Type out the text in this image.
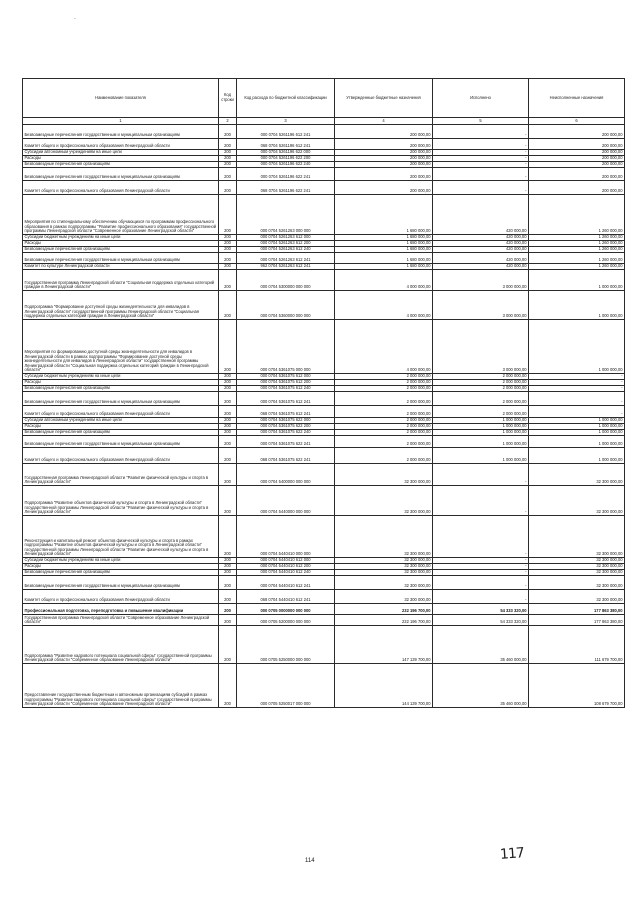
-
Наименование показателя	Код строки	Код расхода по бюджетной классификации	Утвержденные бюджетные назначения	Исполнено	Неисполненные назначения
1	2	3	4	5	6
Безвозмездные перечисления государственным и муниципальным организациям	200	000 0704 5261196 612 241	200 000,00	-	200 000,00
Комитет общего и профессионального образования Ленинградской области	200	068 0704 5261196 612 241	200 000,00	-	200 000,00
Субсидии автономным учреждениям на иные цели	200	000 0704 5261196 622 000	200 000,00	-	200 000,00
Расходы	200	000 0704 5261196 622 200	200 000,00	-	200 000,00
Безвозмездные перечисления организациям	200	000 0704 5261196 622 240	200 000,00	-	200 000,00
Безвозмездные перечисления государственным и муниципальным организациям	200	000 0704 5261196 622 241	200 000,00	-	200 000,00
Комитет общего и профессионального образования Ленинградской области	200	068 0704 5261196 622 241	200 000,00	-	200 000,00
Мероприятия по стипендиальному обеспечению обучающихся по программам профессионального образования в рамках подпрограммы "Развитие профессионального образования" государственной программы Ленинградской области "Современное образование Ленинградской области"	200	000 0704 5261263 000 000	1 680 000,00	420 000,00	1 260 000,00
Субсидии бюджетным учреждениям на иные цели	200	000 0704 5261263 612 000	1 680 000,00	420 000,00	1 260 000,00
Расходы	200	000 0704 5261263 612 200	1 680 000,00	420 000,00	1 260 000,00
Безвозмездные перечисления организациям	200	000 0704 5261263 612 240	1 680 000,00	420 000,00	1 260 000,00
Безвозмездные перечисления государственным и муниципальным организациям	200	000 0704 5261263 612 241	1 680 000,00	420 000,00	1 260 000,00
Комитет по культуре Ленинградской области	200	962 0704 5261263 612 241	1 680 000,00	420 000,00	1 260 000,00
Государственная программа Ленинградской области "Социальная поддержка отдельных категорий граждан в Ленинградской области"	200	000 0704 5300000 000 000	4 000 000,00	3 000 000,00	1 000 000,00
Подпрограмма "Формирование доступной среды жизнедеятельности для инвалидов в Ленинградской области" государственной программы Ленинградской области "Социальная поддержка отдельных категорий граждан в Ленинградской области"	200	000 0704 5360000 000 000	4 000 000,00	3 000 000,00	1 000 000,00
Мероприятия по формированию доступной среды жизнедеятельности для инвалидов в Ленинградской области в рамках подпрограммы "Формирование доступной среды жизнедеятельности для инвалидов в Ленинградской области" государственной программы Ленинградской области "Социальная поддержка отдельных категорий граждан в Ленинградской области"	200	000 0704 5361075 000 000	4 000 000,00	3 000 000,00	1 000 000,00
Субсидии бюджетным учреждениям на иные цели	200	000 0704 5361075 612 000	2 000 000,00	2 000 000,00	-
Расходы	200	000 0704 5361075 612 200	2 000 000,00	2 000 000,00	-
Безвозмездные перечисления организациям	200	000 0704 5361075 612 240	2 000 000,00	2 000 000,00	-
Безвозмездные перечисления государственным и муниципальным организациям	200	000 0704 5361075 612 241	2 000 000,00	2 000 000,00	-
Комитет общего и профессионального образования Ленинградской области	200	068 0704 5361075 612 241	2 000 000,00	2 000 000,00	-
Субсидии автономным учреждениям на иные цели	200	000 0704 5361075 622 000	2 000 000,00	1 000 000,00	1 000 000,00
Расходы	200	000 0704 5361075 622 200	2 000 000,00	1 000 000,00	1 000 000,00
Безвозмездные перечисления организациям	200	000 0704 5361075 622 240	2 000 000,00	1 000 000,00	1 000 000,00
Безвозмездные перечисления государственным и муниципальным организациям	200	000 0704 5361075 622 241	2 000 000,00	1 000 000,00	1 000 000,00
Комитет общего и профессионального образования Ленинградской области	200	068 0704 5361075 622 241	2 000 000,00	1 000 000,00	1 000 000,00
Государственная программа Ленинградской области "Развитие физической культуры и спорта в Ленинградской области"	200	000 0704 5400000 000 000	32 300 000,00	-	32 300 000,00
Подпрограмма "Развитие объектов физической культуры и спорта в Ленинградской области" государственной программы Ленинградской области "Развитие физической культуры и спорта в Ленинградской области"	200	000 0704 5440000 000 000	32 300 000,00	-	32 300 000,00
Реконструкция и капитальный ремонт объектов физической культуры и спорта в рамках подпрограммы "Развитие объектов физической культуры и спорта в Ленинградской области" государственной программы Ленинградской области "Развитие физической культуры и спорта в Ленинградской области"	200	000 0704 5440410 000 000	32 300 000,00	-	32 300 000,00
Субсидии бюджетным учреждениям на иные цели	200	000 0704 5440410 612 000	32 300 000,00	-	32 300 000,00
Расходы	200	000 0704 5440410 612 200	32 300 000,00	-	32 300 000,00
Безвозмездные перечисления организациям	200	000 0704 5440410 612 240	32 300 000,00	-	32 300 000,00
Безвозмездные перечисления государственным и муниципальным организациям	200	000 0704 5440410 612 241	32 300 000,00	-	32 300 000,00
Комитет общего и профессионального образования Ленинградской области	200	068 0704 5440410 612 241	32 300 000,00	-	32 300 000,00
Профессиональная подготовка, переподготовка и повышение квалификации	200	000 0705 0000000 000 000	232 196 700,00	54 333 320,00	177 863 380,00
Государственная программа Ленинградской области "Современное образование Ленинградской области"	200	000 0705 5200000 000 000	232 196 700,00	54 333 320,00	177 863 380,00
Подпрограмма "Развитие кадрового потенциала социальной сферы" государственной программы Ленинградской области "Современное образование Ленинградской области"	200	000 0705 5250000 000 000	147 139 700,00	35 460 000,00	111 679 700,00
Предоставление государственным бюджетным и автономным организациям субсидий в рамках подпрограммы "Развитие кадрового потенциала социальной сферы" государственной программы Ленинградской области "Современное образование Ленинградской области"	200	000 0705 5250017 000 000	144 139 700,00	35 460 000,00	108 679 700,00
114	117
